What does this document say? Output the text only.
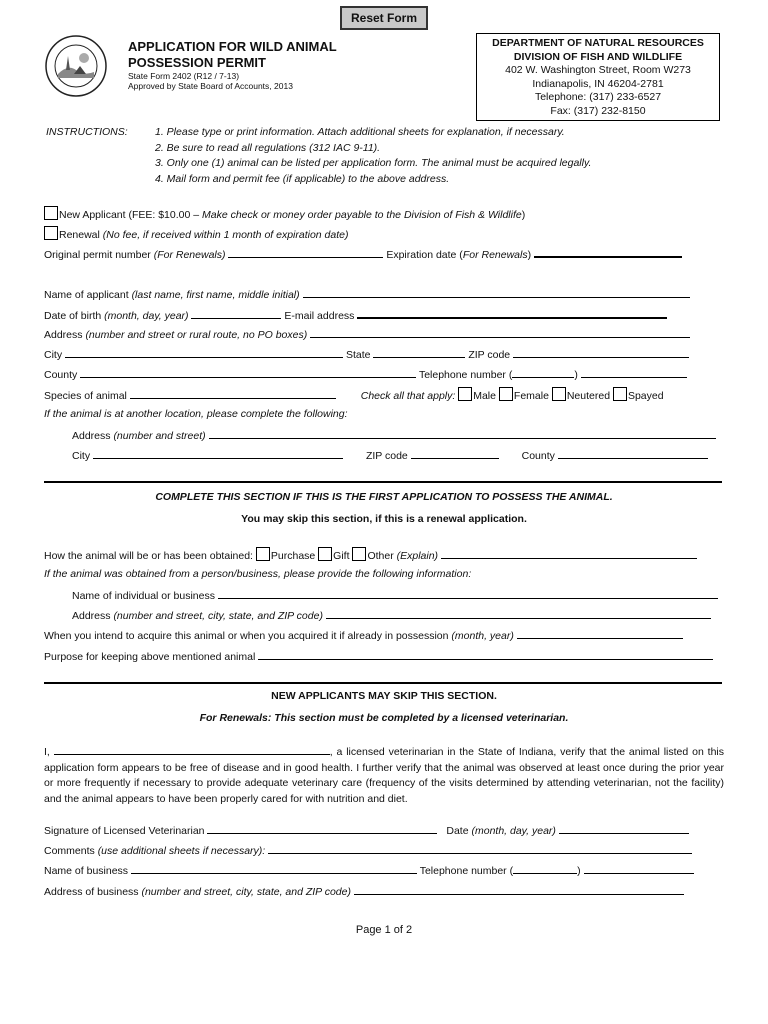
Reset Form
APPLICATION FOR WILD ANIMAL
POSSESSION PERMIT
State Form 2402 (R12 / 7-13)
Approved by State Board of Accounts, 2013
DEPARTMENT OF NATURAL RESOURCES
DIVISION OF FISH AND WILDLIFE
402 W. Washington Street, Room W273
Indianapolis, IN 46204-2781
Telephone: (317) 233-6527
Fax: (317) 232-8150
INSTRUCTIONS:	1. Please type or print information. Attach additional sheets for explanation, if necessary.
2. Be sure to read all regulations (312 IAC 9-11).
3. Only one (1) animal can be listed per application form. The animal must be acquired legally.
4. Mail form and permit fee (if applicable) to the above address.
New Applicant (FEE: $10.00 – Make check or money order payable to the Division of Fish & Wildlife)
Renewal (No fee, if received within 1 month of expiration date)
Original permit number (For Renewals)	Expiration date (For Renewals)
Name of applicant (last name, first name, middle initial)
Date of birth (month, day, year)	E-mail address
Address (number and street or rural route, no PO boxes)
City	State	ZIP code
County	Telephone number (	)
Species of animal	Check all that apply: Male Female Neutered Spayed
If the animal is at another location, please complete the following:
Address (number and street)
City	ZIP code	County
COMPLETE THIS SECTION IF THIS IS THE FIRST APPLICATION TO POSSESS THE ANIMAL.
You may skip this section, if this is a renewal application.
How the animal will be or has been obtained: Purchase Gift Other (Explain)
If the animal was obtained from a person/business, please provide the following information:
Name of individual or business
Address (number and street, city, state, and ZIP code)
When you intend to acquire this animal or when you acquired it if already in possession (month, year)
Purpose for keeping above mentioned animal
NEW APPLICANTS MAY SKIP THIS SECTION.
For Renewals: This section must be completed by a licensed veterinarian.
I,	, a licensed veterinarian in the State of Indiana, verify that the animal listed on this application form appears to be free of disease and in good health. I further verify that the animal was observed at least once during the prior year or more frequently if necessary to provide adequate veterinary care (frequency of the visits determined by attending veterinarian, not the facility) and the animal appears to have been properly cared for with nutrition and diet.
Signature of Licensed Veterinarian	Date (month, day, year)
Comments (use additional sheets if necessary):
Name of business	Telephone number (	)
Address of business (number and street, city, state, and ZIP code)
Page 1 of 2
